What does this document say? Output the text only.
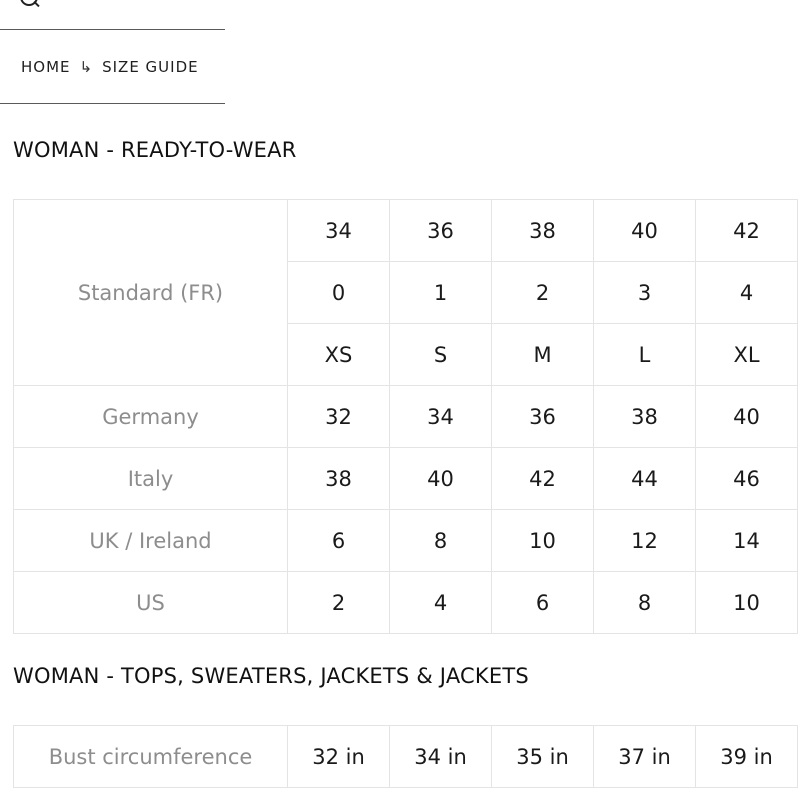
HOME ↳ SIZE GUIDE
WOMAN - READY-TO-WEAR
Standard (FR)	34	36	38	40	42
	0	1	2	3	4
	XS	S	M	L	XL
Germany	32	34	36	38	40
Italy	38	40	42	44	46
UK / Ireland	6	8	10	12	14
US	2	4	6	8	10
WOMAN - TOPS, SWEATERS, JACKETS & JACKETS
Bust circumference	32 in	34 in	35 in	37 in	39 in
